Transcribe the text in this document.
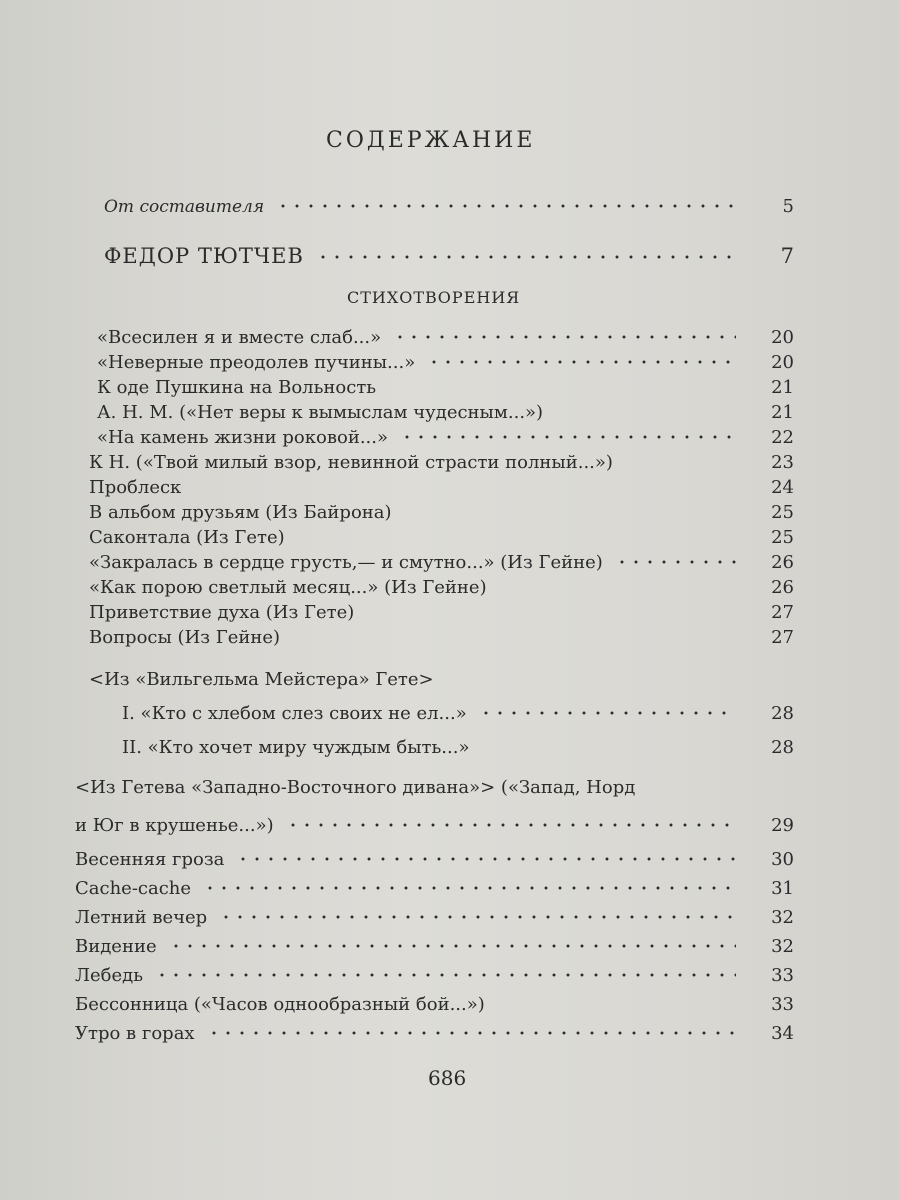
СОДЕРЖАНИЕ
От составителя	5
ФЕДОР ТЮТЧЕВ	7
СТИХОТВОРЕНИЯ
«Всесилен я и вместе слаб...»	20
«Неверные преодолев пучины...»	20
К оде Пушкина на Вольность	21
А. Н. М. («Нет веры к вымыслам чудесным...»)	21
«На камень жизни роковой...»	22
К Н. («Твой милый взор, невинной страсти полный...»)	23
Проблеск	24
В альбом друзьям (Из Байрона)	25
Саконтала (Из Гете)	25
«Закралась в сердце грусть,— и смутно...» (Из Гейне)	26
«Как порою светлый месяц...» (Из Гейне)	26
Приветствие духа (Из Гете)	27
Вопросы (Из Гейне)	27
<Из «Вильгельма Мейстера» Гете>
I. «Кто с хлебом слез своих не ел...»	28
II. «Кто хочет миру чуждым быть...»	28
<Из Гетева «Западно-Восточного дивана»> («Запад, Норд
и Юг в крушенье...»)	29
Весенняя гроза	30
Cache-cache	31
Летний вечер	32
Видение	32
Лебедь	33
Бессонница («Часов однообразный бой...»)	33
Утро в горах	34
686
